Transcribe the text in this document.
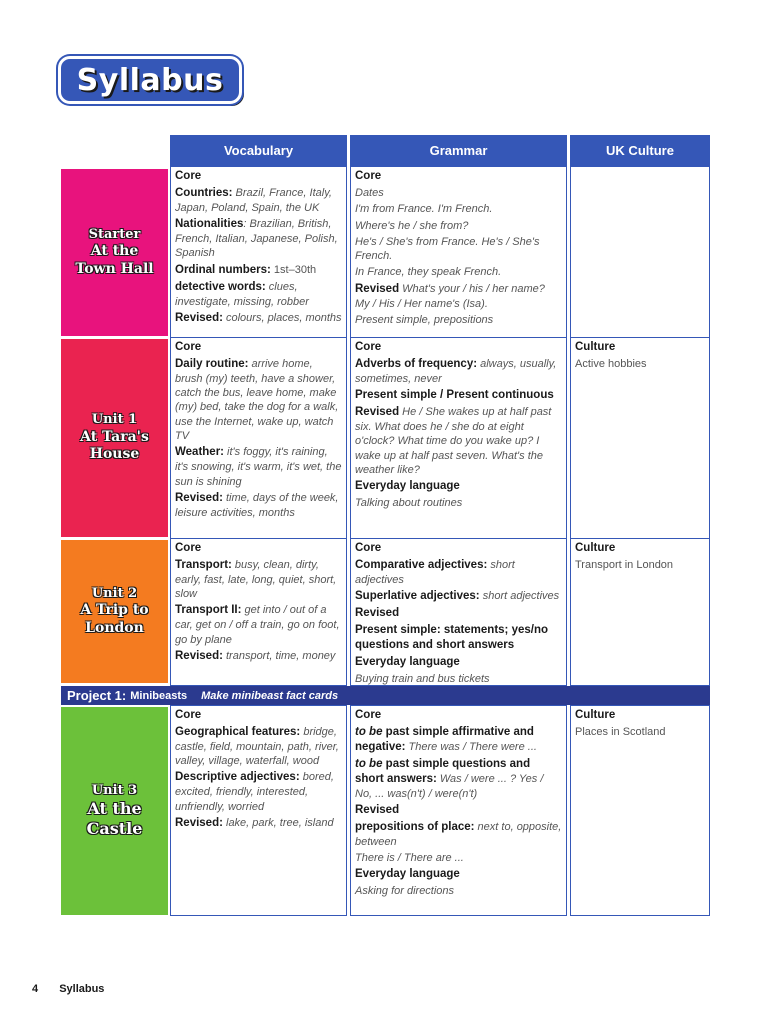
Syllabus
Vocabulary	Grammar	UK Culture
Starter
At the
Town Hall
Core
Countries: Brazil, France, Italy, Japan, Poland, Spain, the UK
Nationalities: Brazilian, British, French, Italian, Japanese, Polish, Spanish
Ordinal numbers: 1st–30th
detective words: clues, investigate, missing, robber
Revised: colours, places, months
Core
Dates
I'm from France. I'm French.
Where's he / she from?
He's / She's from France. He's / She's French.
In France, they speak French.
Revised What's your / his / her name? My / His / Her name's (Isa).
Present simple, prepositions
Unit 1
At Tara's
House
Core
Daily routine: arrive home, brush (my) teeth, have a shower, catch the bus, leave home, make (my) bed, take the dog for a walk, use the Internet, wake up, watch TV
Weather: it's foggy, it's raining, it's snowing, it's warm, it's wet, the sun is shining
Revised: time, days of the week, leisure activities, months
Core
Adverbs of frequency: always, usually, sometimes, never
Present simple / Present continuous
Revised He / She wakes up at half past six. What does he / she do at eight o'clock? What time do you wake up? I wake up at half past seven. What's the weather like?
Everyday language
Talking about routines
Culture
Active hobbies
Unit 2
A Trip to
London
Core
Transport: busy, clean, dirty, early, fast, late, long, quiet, short, slow
Transport II: get into / out of a car, get on / off a train, go on foot, go by plane
Revised: transport, time, money
Core
Comparative adjectives: short adjectives
Superlative adjectives: short adjectives
Revised
Present simple: statements; yes/no questions and short answers
Everyday language
Buying train and bus tickets
Culture
Transport in London
Project 1: Minibeasts Make minibeast fact cards
Unit 3
At the
Castle
Core
Geographical features: bridge, castle, field, mountain, path, river, valley, village, waterfall, wood
Descriptive adjectives: bored, excited, friendly, interested, unfriendly, worried
Revised: lake, park, tree, island
Core
to be past simple affirmative and negative: There was / There were ...
to be past simple questions and short answers: Was / were ... ? Yes / No, ... was(n't) / were(n't)
Revised
prepositions of place: next to, opposite, between
There is / There are ...
Everyday language
Asking for directions
Culture
Places in Scotland
4 Syllabus
